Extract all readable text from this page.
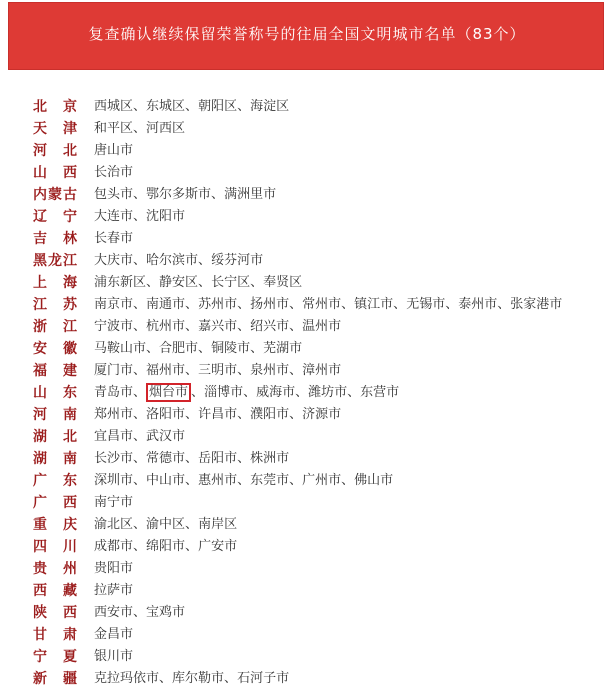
复查确认继续保留荣誉称号的往届全国文明城市名单（83个）
北 京 西城区、东城区、朝阳区、海淀区
天 津 和平区、河西区
河 北 唐山市
山 西 长治市
内 蒙 古 包头市、鄂尔多斯市、满洲里市
辽 宁 大连市、沈阳市
吉 林 长春市
黑 龙 江 大庆市、哈尔滨市、绥芬河市
上 海 浦东新区、静安区、长宁区、奉贤区
江 苏 南京市、南通市、苏州市、扬州市、常州市、镇江市、无锡市、泰州市、张家港市
浙 江 宁波市、杭州市、嘉兴市、绍兴市、温州市
安 徽 马鞍山市、合肥市、铜陵市、芜湖市
福 建 厦门市、福州市、三明市、泉州市、漳州市
山 东 青岛市、 烟台市 、淄博市、威海市、潍坊市、东营市
河 南 郑州市、洛阳市、许昌市、濮阳市、济源市
湖 北 宜昌市、武汉市
湖 南 长沙市、常德市、岳阳市、株洲市
广 东 深圳市、中山市、惠州市、东莞市、广州市、佛山市
广 西 南宁市
重 庆 渝北区、渝中区、南岸区
四 川 成都市、绵阳市、广安市
贵 州 贵阳市
西 藏 拉萨市
陕 西 西安市、宝鸡市
甘 肃 金昌市
宁 夏 银川市
新 疆 克拉玛依市、库尔勒市、石河子市
